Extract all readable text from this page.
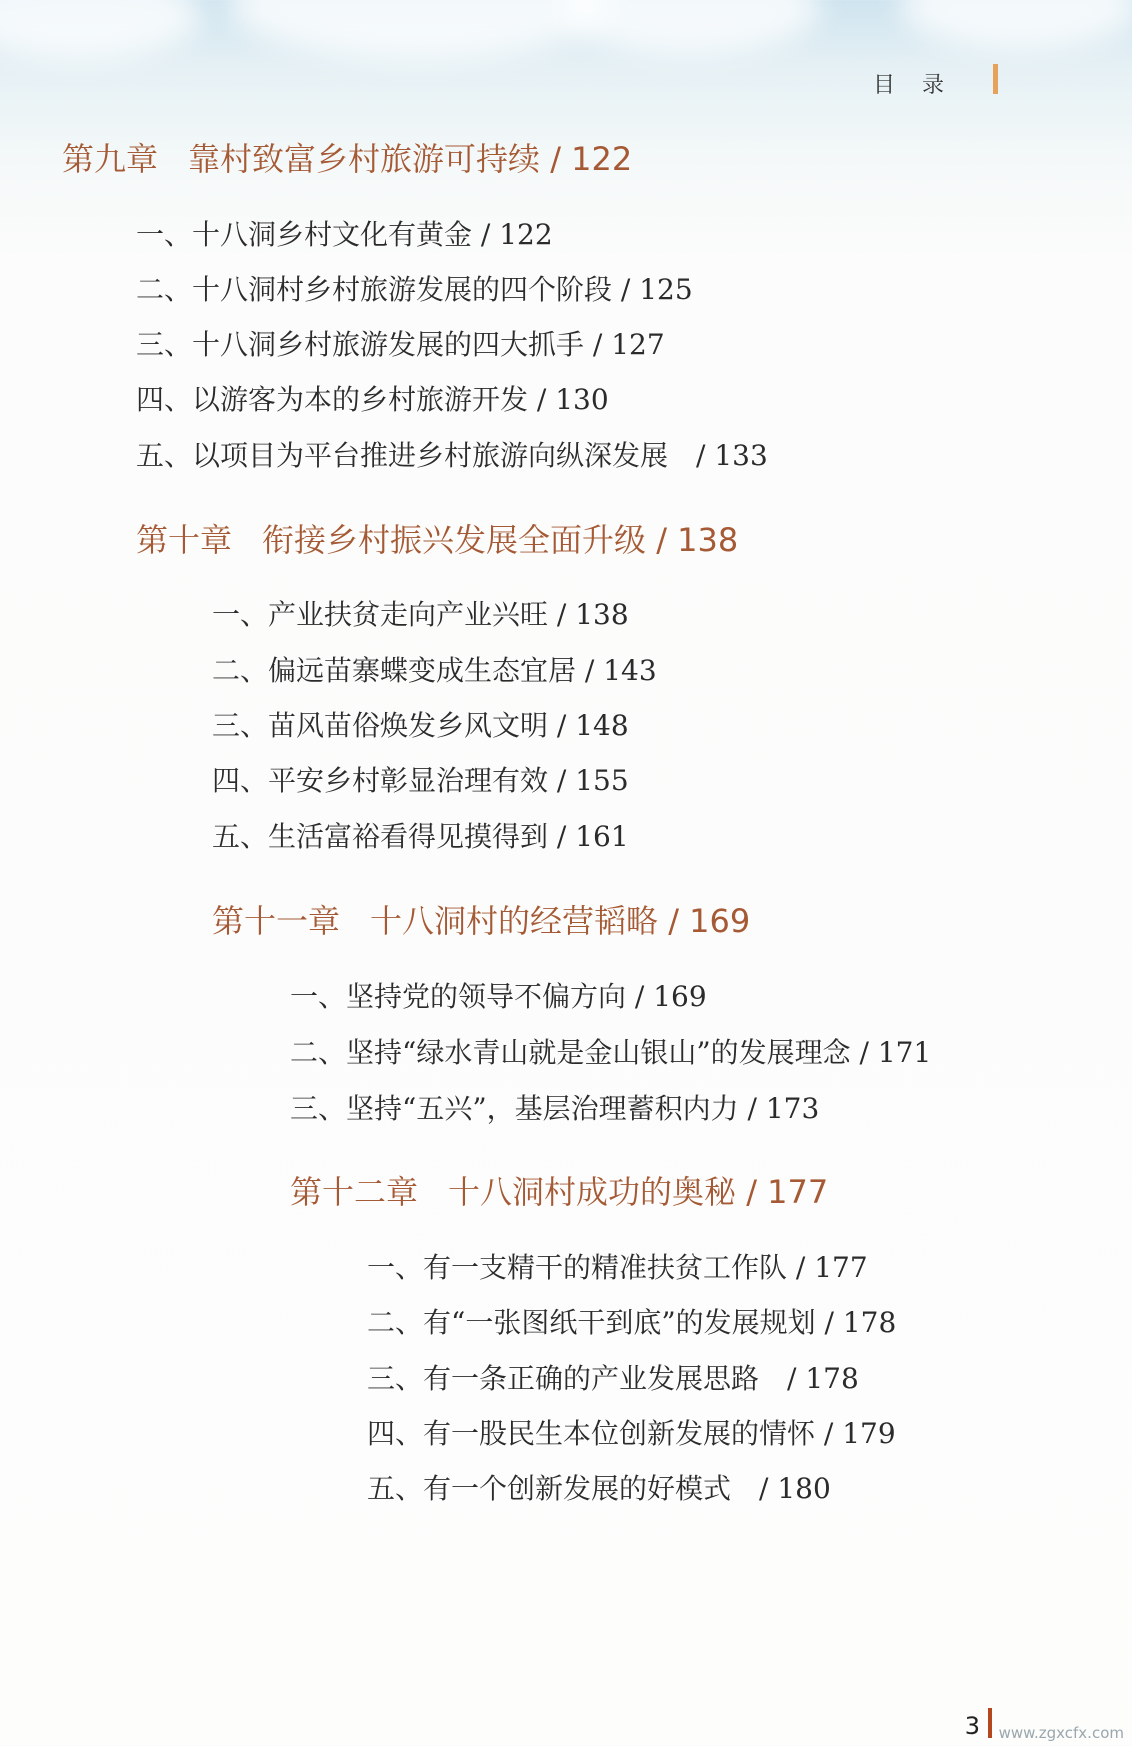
目 录
第九章 靠村致富乡村旅游可持续 / 122
一、十八洞乡村文化有黄金 / 122
二、十八洞村乡村旅游发展的四个阶段 / 125
三、十八洞乡村旅游发展的四大抓手 / 127
四、以游客为本的乡村旅游开发 / 130
五、以项目为平台推进乡村旅游向纵深发展　/ 133
第十章 衔接乡村振兴发展全面升级 / 138
一、产业扶贫走向产业兴旺 / 138
二、偏远苗寨蝶变成生态宜居 / 143
三、苗风苗俗焕发乡风文明 / 148
四、平安乡村彰显治理有效 / 155
五、生活富裕看得见摸得到 / 161
第十一章 十八洞村的经营韬略 / 169
一、坚持党的领导不偏方向 / 169
二、坚持“绿水青山就是金山银山”的发展理念 / 171
三、坚持“五兴”，基层治理蓄积内力 / 173
第十二章 十八洞村成功的奥秘 / 177
一、有一支精干的精准扶贫工作队 / 177
二、有“一张图纸干到底”的发展规划 / 178
三、有一条正确的产业发展思路　/ 178
四、有一股民生本位创新发展的情怀 / 179
五、有一个创新发展的好模式　/ 180
3 www.zgxcfx.com
